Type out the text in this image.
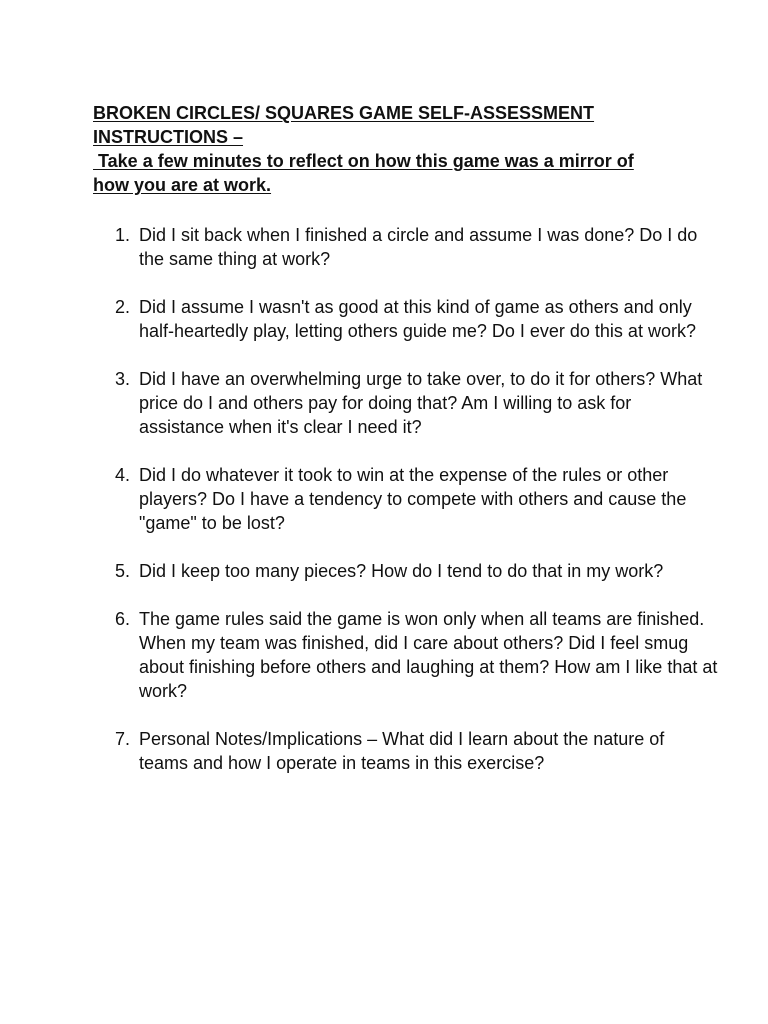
BROKEN CIRCLES/ SQUARES GAME SELF-ASSESSMENT
INSTRUCTIONS –
Take a few minutes to reflect on how this game was a mirror of
how you are at work.
1. Did I sit back when I finished a circle and assume I was done? Do I do the same thing at work?
2. Did I assume I wasn't as good at this kind of game as others and only half-heartedly play, letting others guide me? Do I ever do this at work?
3. Did I have an overwhelming urge to take over, to do it for others? What price do I and others pay for doing that? Am I willing to ask for assistance when it's clear I need it?
4. Did I do whatever it took to win at the expense of the rules or other players? Do I have a tendency to compete with others and cause the "game" to be lost?
5. Did I keep too many pieces? How do I tend to do that in my work?
6. The game rules said the game is won only when all teams are finished. When my team was finished, did I care about others? Did I feel smug about finishing before others and laughing at them? How am I like that at work?
7. Personal Notes/Implications – What did I learn about the nature of teams and how I operate in teams in this exercise?
